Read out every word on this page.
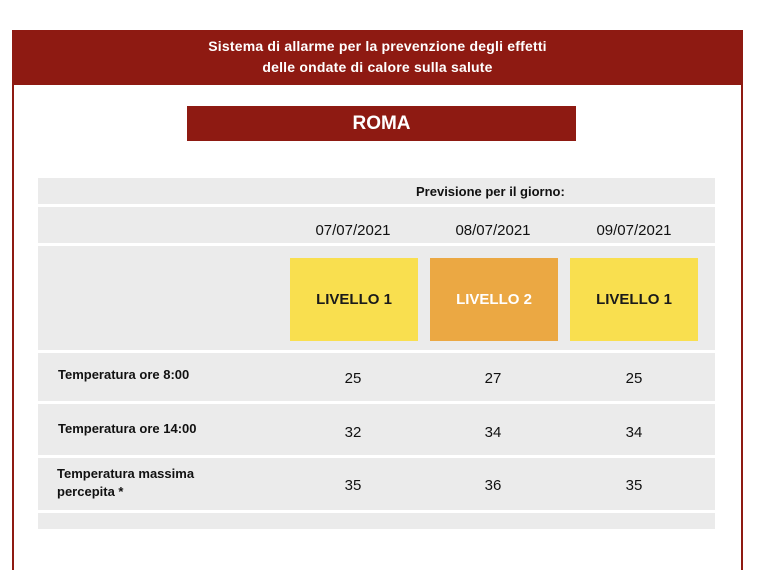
Sistema di allarme per la prevenzione degli effetti
delle ondate di calore sulla salute
ROMA
Previsione per il giorno:
07/07/2021	08/07/2021	09/07/2021
LIVELLO 1	LIVELLO 2	LIVELLO 1
Temperatura ore 8:00	25	27	25
Temperatura ore 14:00	32	34	34
Temperatura massima
percepita *	35	36	35
